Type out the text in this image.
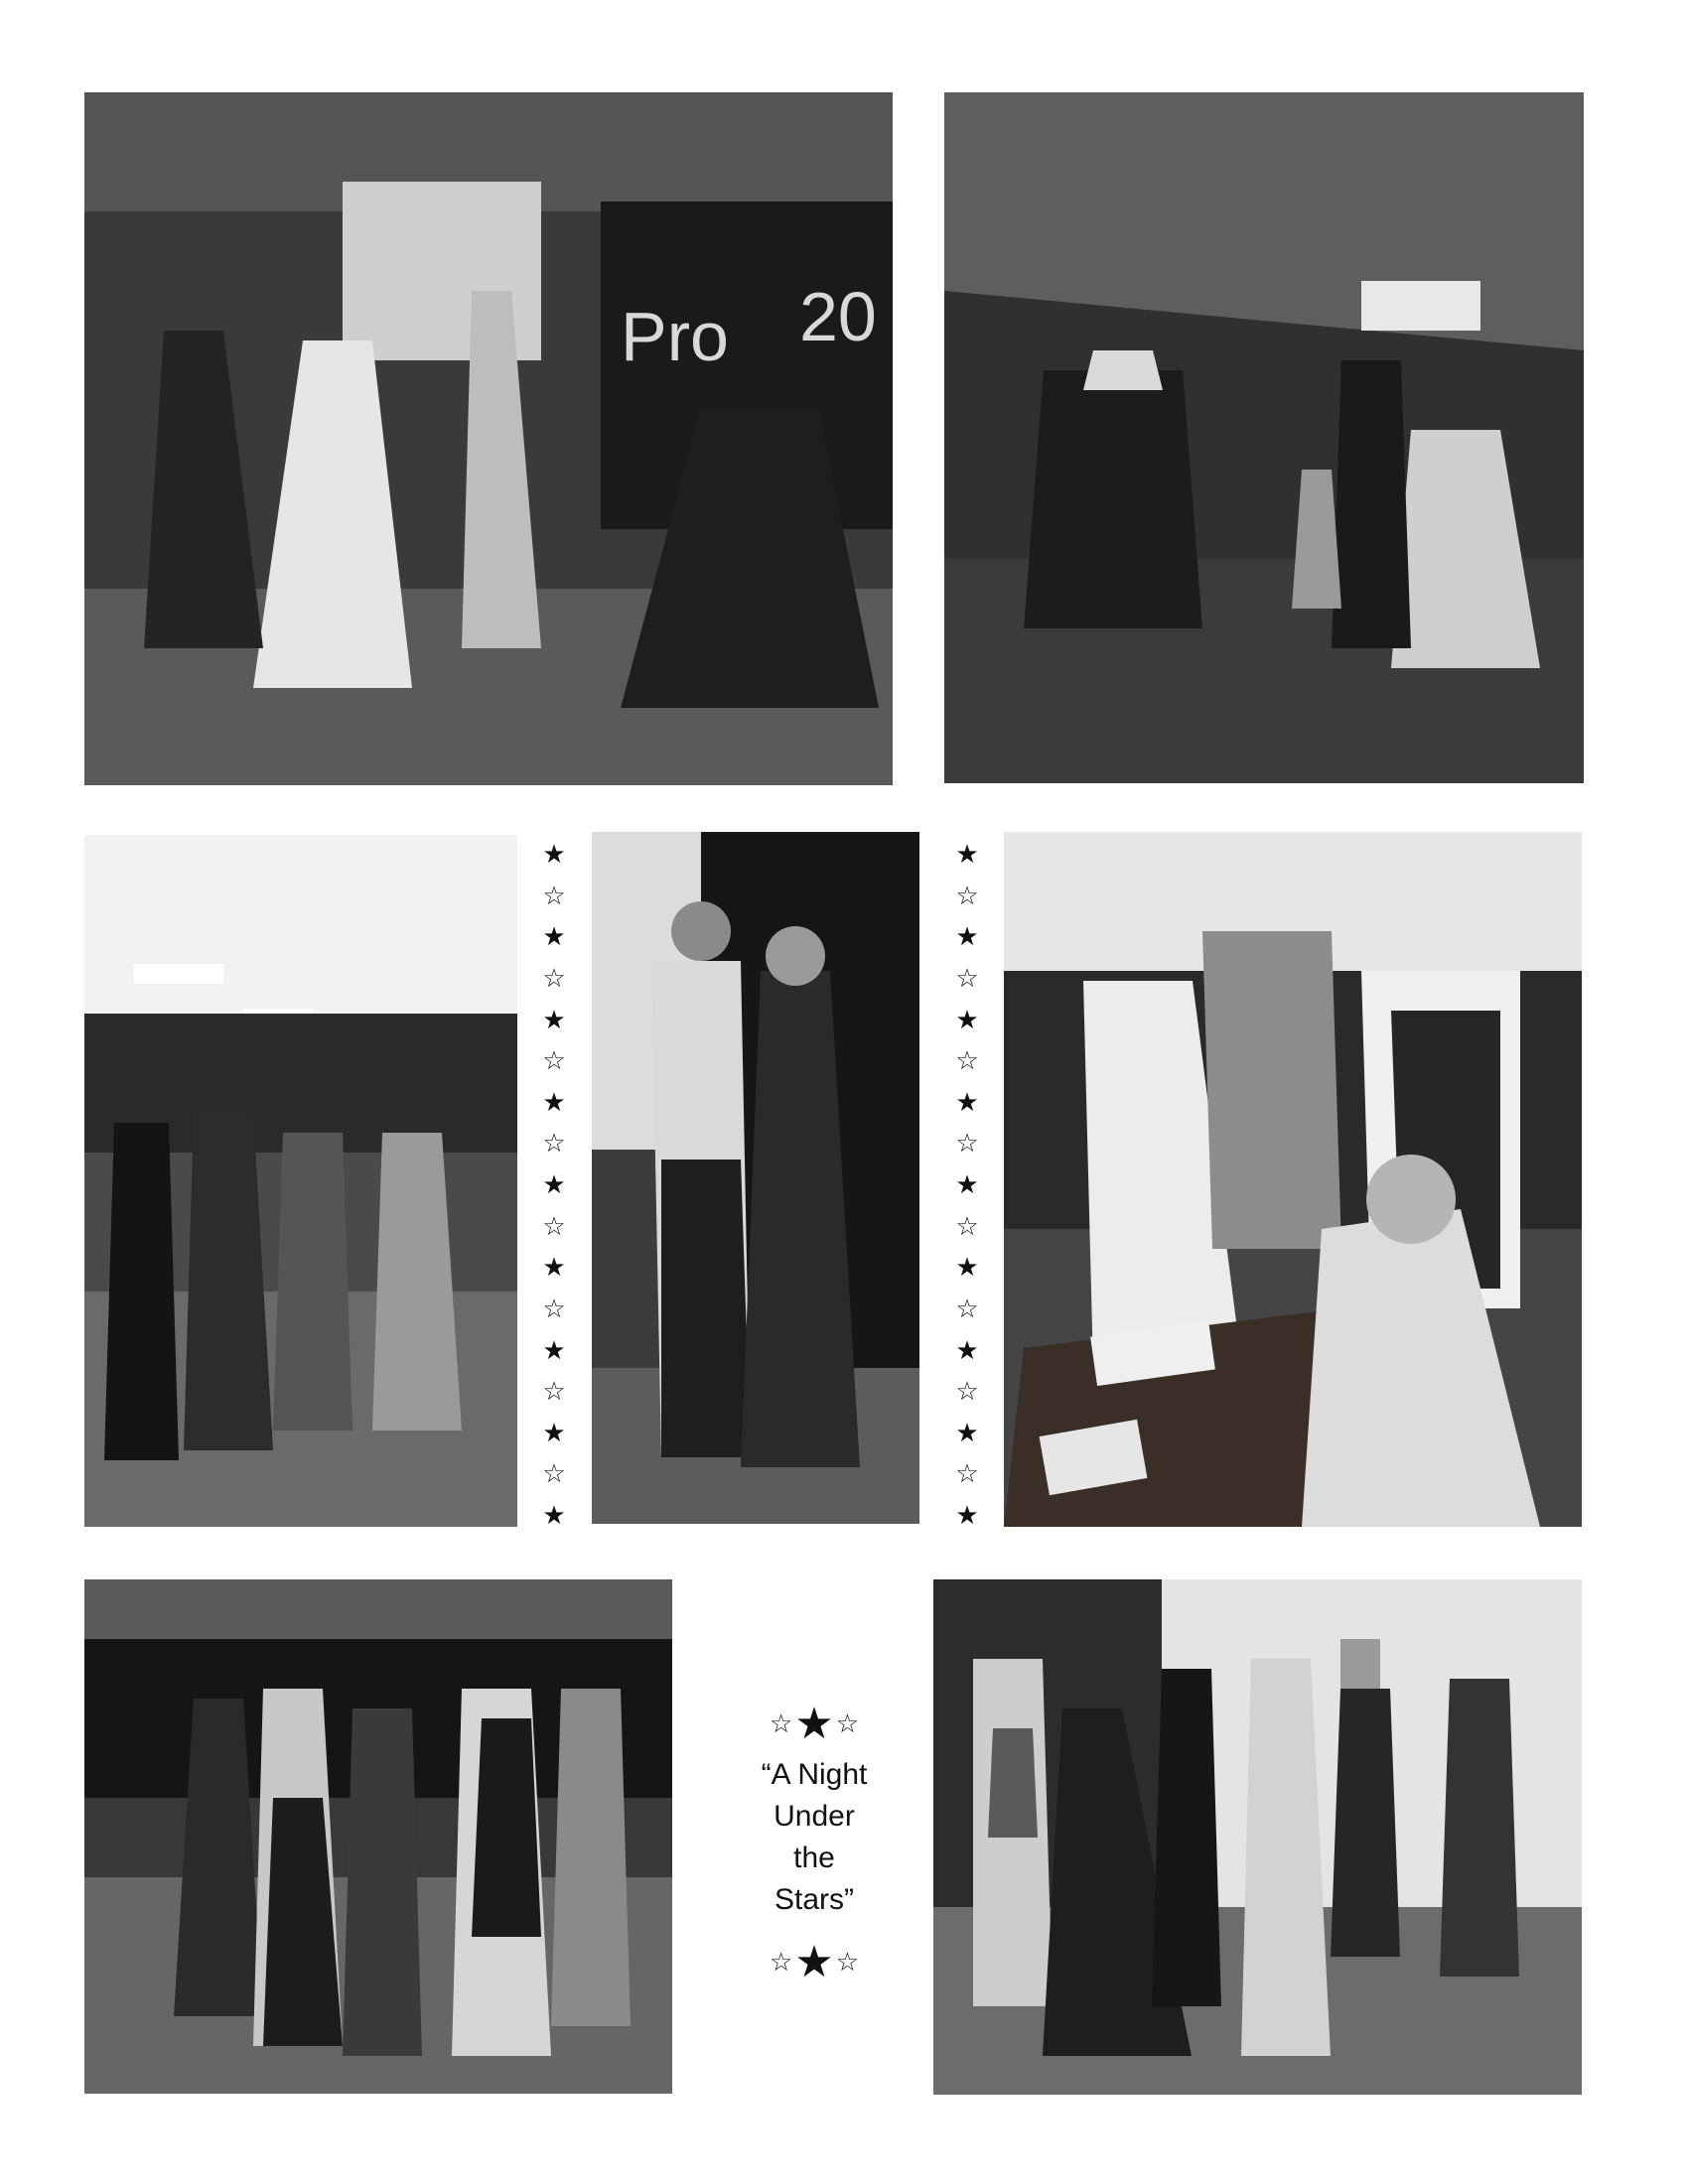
Pro 20
★
☆
★
☆
★
☆
★
☆
★
☆
★
☆
★
☆
★
☆
★
★
☆
★
☆
★
☆
★
☆
★
☆
★
☆
★
☆
★
☆
★
☆ ★ ☆
“A Night
Under
the
Stars”
☆ ★ ☆
